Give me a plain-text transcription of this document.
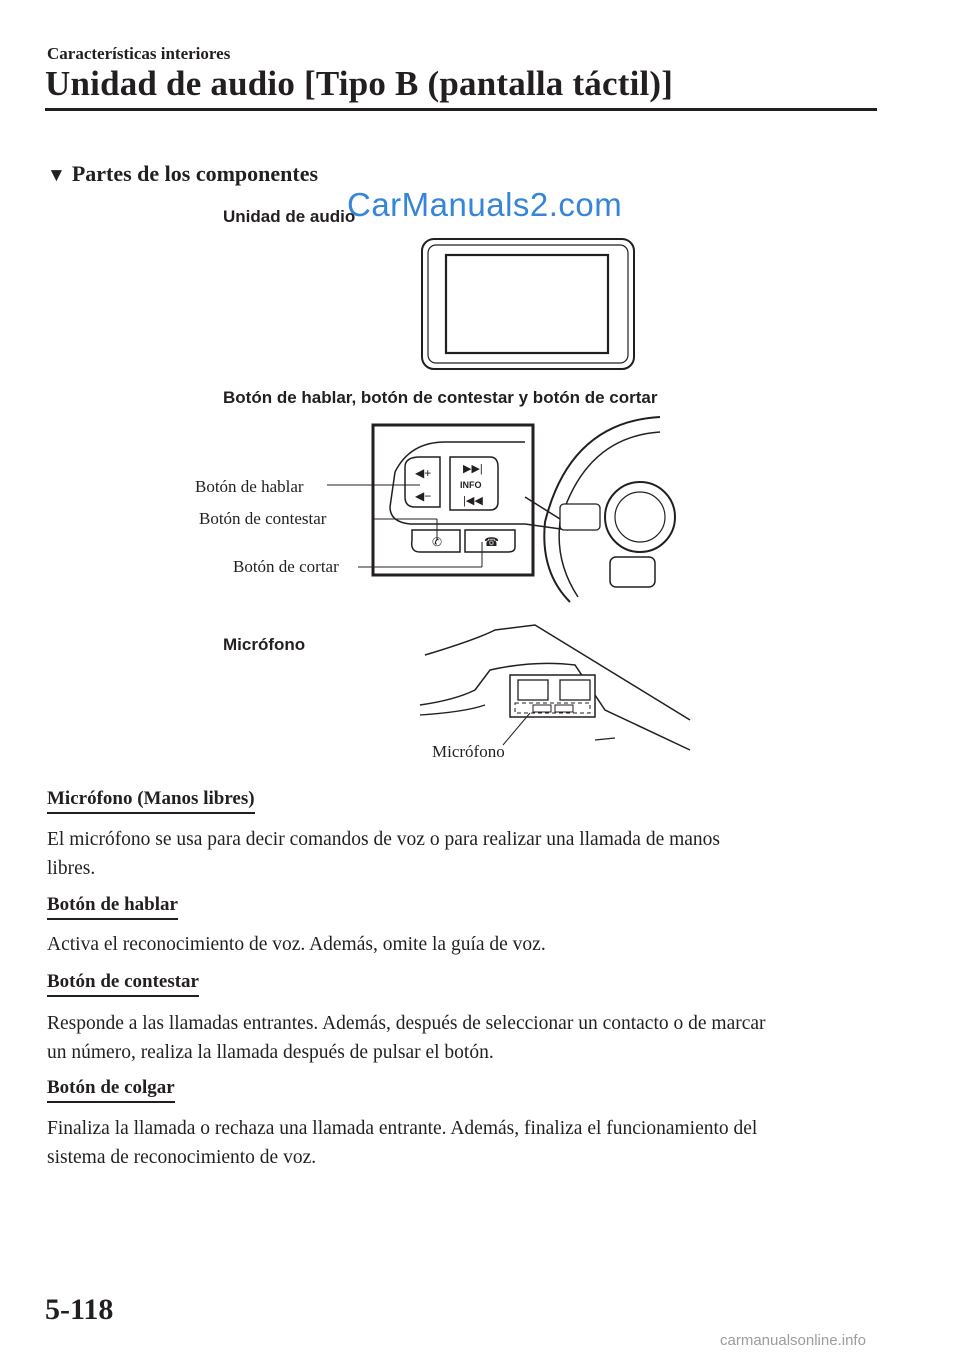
Características interiores
Unidad de audio [Tipo B (pantalla táctil)]
▼ Partes de los componentes
Unidad de audio
CarManuals2.com
Botón de hablar, botón de contestar y botón de cortar
◀+
◀−
▶▶|
INFO
|◀◀
✆	☎
Botón de hablar
Botón de contestar
Botón de cortar
Micrófono
Micrófono
Micrófono (Manos libres)
El micrófono se usa para decir comandos de voz o para realizar una llamada de manos
libres.
Botón de hablar
Activa el reconocimiento de voz. Además, omite la guía de voz.
Botón de contestar
Responde a las llamadas entrantes. Además, después de seleccionar un contacto o de marcar
un número, realiza la llamada después de pulsar el botón.
Botón de colgar
Finaliza la llamada o rechaza una llamada entrante. Además, finaliza el funcionamiento del
sistema de reconocimiento de voz.
5-118
carmanualsonline.info
